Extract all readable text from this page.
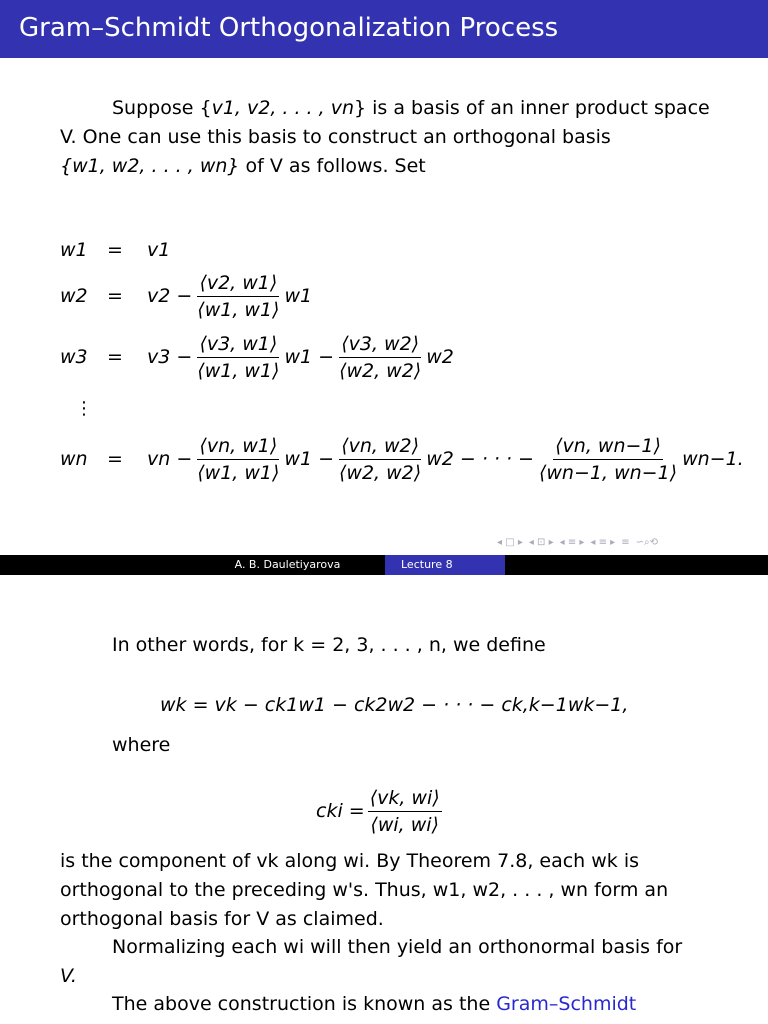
Gram–Schmidt Orthogonalization Process
Suppose {v1, v2, . . . , vn} is a basis of an inner product space
V. One can use this basis to construct an orthogonal basis
{w1, w2, . . . , wn} of V as follows. Set
w1 = v1
$w2 = v2 - \frac{⟨v2, w1⟩}{⟨w1, w1⟩} w1$
$w3 = v3 - \frac{⟨v3, w1⟩}{⟨w1, w1⟩} w1 - \frac{⟨v3, w2⟩}{⟨w2, w2⟩} w2$
⋮
wn = vn − $\frac{⟨vn, w1⟩}{⟨w1, w1⟩} w1 - \frac{⟨vn, w2⟩}{⟨w2, w2⟩} w2$ − · · · − $\frac{⟨vn, wn-1⟩}{⟨wn-1, wn-1⟩} wn-1$.
◂ □ ▸ ◂ ⊡ ▸ ◂ ≡ ▸ ◂ ≡ ▸ ≡ ∽⌕⟲
A. B. Dauletiyarova	Lecture 8
In other words, for k = 2, 3, . . . , n, we define
wk = vk − ck1w1 − ck2w2 − · · · − ck,k−1wk−1,
where
cki = $\frac{⟨vk, wi⟩}{⟨wi, wi⟩}$
is the component of vk along wi. By Theorem 7.8, each wk is
orthogonal to the preceding w's. Thus, w1, w2, . . . , wn form an
orthogonal basis for V as claimed.
Normalizing each wi will then yield an orthonormal basis for
V.
The above construction is known as the Gram–Schmidt
